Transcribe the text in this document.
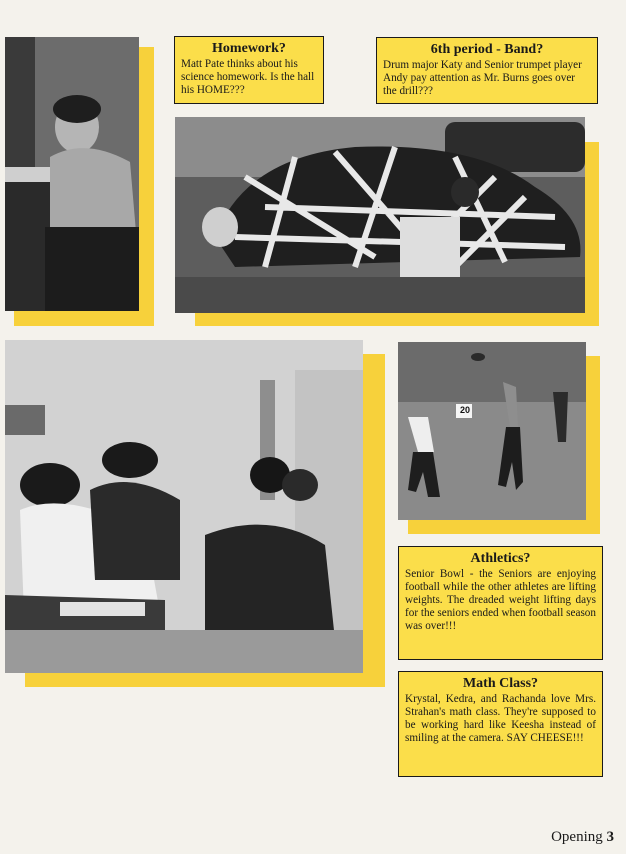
20
Homework?

Matt Pate thinks about his science homework. Is the hall his HOME???

6th period - Band?

Drum major Katy and Senior trumpet player Andy pay attention as Mr. Burns goes over the drill???

Athletics?

Senior Bowl - the Seniors are enjoying football while the other athletes are lifting weights. The dreaded weight lifting days for the seniors ended when football season was over!!!

Math Class?

Krystal, Kedra, and Rachanda love Mrs. Strahan's math class. They're supposed to be working hard like Keesha instead of smiling at the camera. SAY CHEESE!!!

Opening 3
